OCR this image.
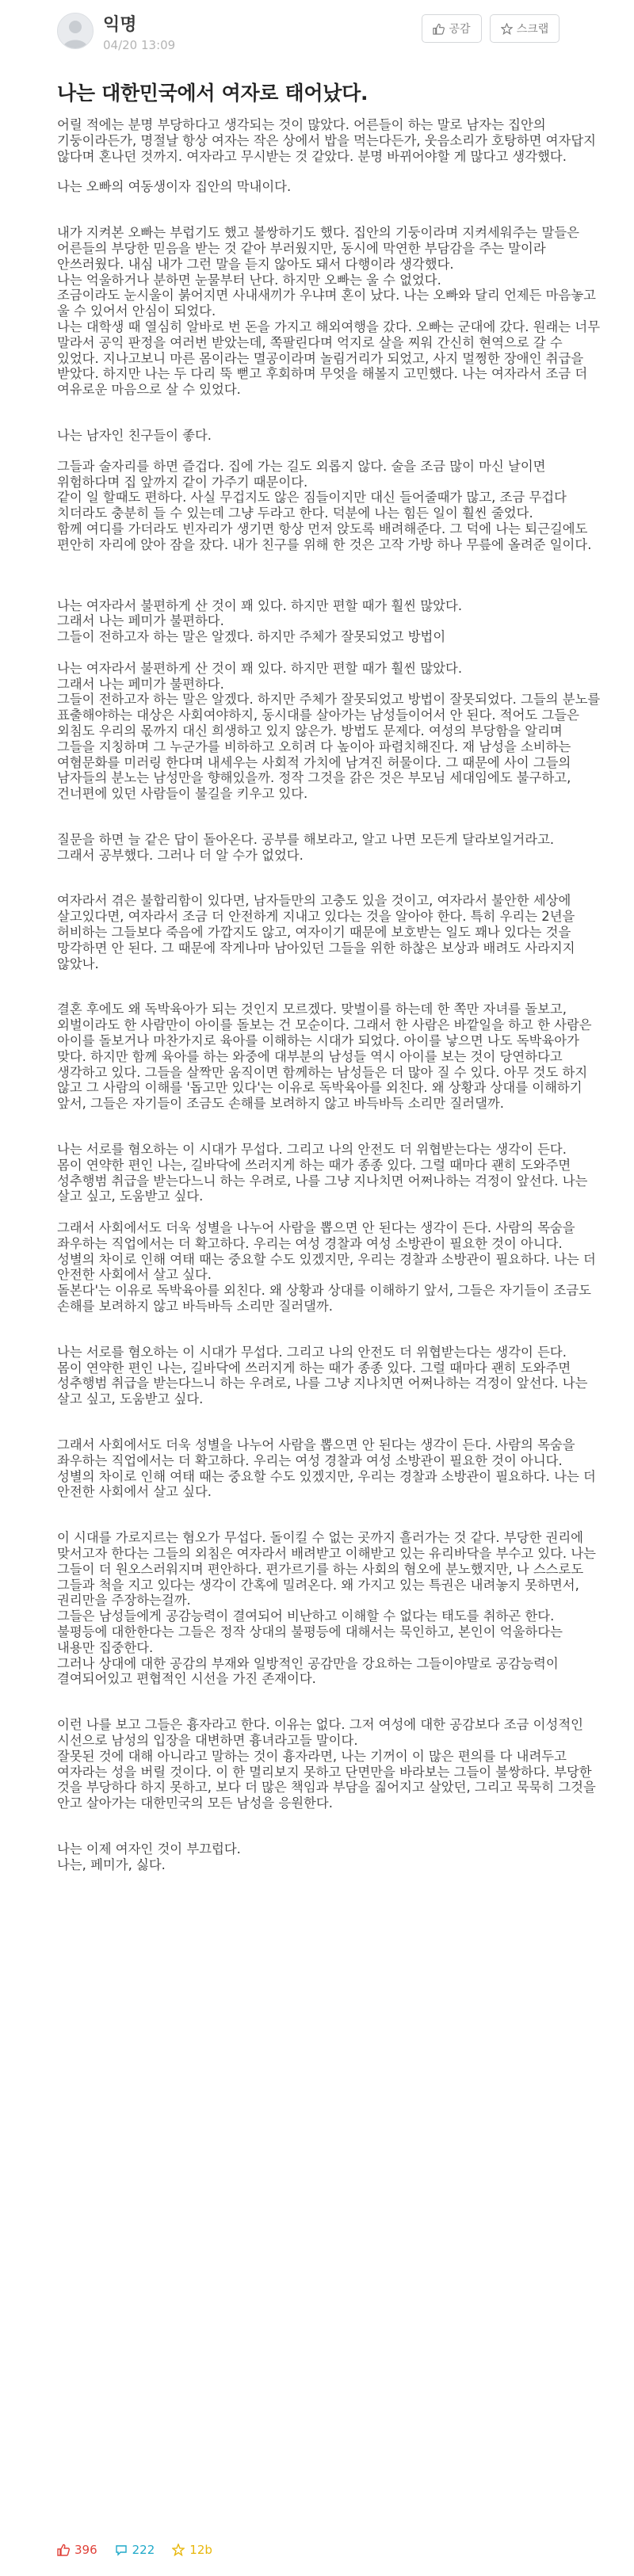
익명
04/20 13:09
공감	스크랩
나는 대한민국에서 여자로 태어났다.

어릴 적에는 분명 부당하다고 생각되는 것이 많았다. 어른들이 하는 말로 남자는 집안의 기둥이라든가, 명절날 항상 여자는 작은 상에서 밥을 먹는다든가, 웃음소리가 호탕하면 여자답지 않다며 혼나던 것까지. 여자라고 무시받는 것 같았다. 분명 바뀌어야할 게 많다고 생각했다.

나는 오빠의 여동생이자 집안의 막내이다.

내가 지켜본 오빠는 부럽기도 했고 불쌍하기도 했다. 집안의 기둥이라며 지켜세워주는 말들은 어른들의 부당한 믿음을 받는 것 같아 부러웠지만, 동시에 막연한 부담감을 주는 말이라 안쓰러웠다. 내심 내가 그런 말을 듣지 않아도 돼서 다행이라 생각했다.
나는 억울하거나 분하면 눈물부터 난다. 하지만 오빠는 울 수 없었다.
조금이라도 눈시울이 붉어지면 사내새끼가 우냐며 혼이 났다. 나는 오빠와 달리 언제든 마음놓고 울 수 있어서 안심이 되었다.
나는 대학생 때 열심히 알바로 번 돈을 가지고 해외여행을 갔다. 오빠는 군대에 갔다. 원래는 너무 말라서 공익 판정을 여러번 받았는데, 쪽팔린다며 억지로 살을 찌워 간신히 현역으로 갈 수 있었다. 지나고보니 마른 몸이라는 멸공이라며 놀림거리가 되었고, 사지 멀쩡한 장애인 취급을 받았다. 하지만 나는 두 다리 뚝 뻗고 후회하며 무엇을 해볼지 고민했다. 나는 여자라서 조금 더 여유로운 마음으로 살 수 있었다.

나는 남자인 친구들이 좋다.

그들과 술자리를 하면 즐겁다. 집에 가는 길도 외롭지 않다. 술을 조금 많이 마신 날이면 위험하다며 집 앞까지 같이 가주기 때문이다.
같이 일 할때도 편하다. 사실 무겁지도 않은 짐들이지만 대신 들어줄때가 많고, 조금 무겁다 치더라도 충분히 들 수 있는데 그냥 두라고 한다. 덕분에 나는 힘든 일이 훨씬 줄었다.
함께 여디를 가더라도 빈자리가 생기면 항상 먼저 앉도록 배려해준다. 그 덕에 나는 퇴근길에도 편안히 자리에 앉아 잠을 잤다. 내가 친구를 위해 한 것은 고작 가방 하나 무릎에 올려준 일이다.

나는 여자라서 불편하게 산 것이 꽤 있다. 하지만 편할 때가 훨씬 많았다.
그래서 나는 페미가 불편하다.
그들이 전하고자 하는 말은 알겠다. 하지만 주체가 잘못되었고 방법이

나는 여자라서 불편하게 산 것이 꽤 있다. 하지만 편할 때가 훨씬 많았다.
그래서 나는 페미가 불편하다.
그들이 전하고자 하는 말은 알겠다. 하지만 주체가 잘못되었고 방법이 잘못되었다. 그들의 분노를 표출해야하는 대상은 사회여야하지, 동시대를 살아가는 남성들이어서 안 된다. 적어도 그들은 외침도 우리의 몫까지 대신 희생하고 있지 않은가. 방법도 문제다. 여성의 부당함을 알리며 그들을 지칭하며 그 누군가를 비하하고 오히려 다 높이아 파렴치해진다. 재 남성을 소비하는 여혐문화를 미러링 한다며 내세우는 사회적 가치에 남겨진 허물이다. 그 때문에 사이 그들의 남자들의 분노는 남성만을 향해있을까. 정작 그것을 갉은 것은 부모님 세대임에도 불구하고, 건너편에 있던 사람들이 불길을 키우고 있다.

질문을 하면 늘 같은 답이 돌아온다. 공부를 해보라고, 알고 나면 모든게 달라보일거라고.
그래서 공부했다. 그러나 더 알 수가 없었다.

여자라서 겪은 불합리함이 있다면, 남자들만의 고충도 있을 것이고, 여자라서 불안한 세상에 살고있다면, 여자라서 조금 더 안전하게 지내고 있다는 것을 알아야 한다. 특히 우리는 2년을 허비하는 그들보다 죽음에 가깝지도 않고, 여자이기 때문에 보호받는 일도 꽤나 있다는 것을 망각하면 안 된다. 그 때문에 작게나마 남아있던 그들을 위한 하찮은 보상과 배려도 사라지지 않았나.

결혼 후에도 왜 독박육아가 되는 것인지 모르겠다. 맞벌이를 하는데 한 쪽만 자녀를 돌보고, 외벌이라도 한 사람만이 아이를 돌보는 건 모순이다. 그래서 한 사람은 바깥일을 하고 한 사람은 아이를 돌보거나 마찬가지로 육아를 이해하는 시대가 되었다. 아이를 낳으면 나도 독박육아가 맞다. 하지만 함께 육아를 하는 와중에 대부분의 남성들 역시 아이를 보는 것이 당연하다고 생각하고 있다. 그들을 살짝만 움직이면 함께하는 남성들은 더 많아 질 수 있다. 아무 것도 하지 않고 그 사람의 이해를 '돕고만 있다'는 이유로 독박육아를 외친다. 왜 상황과 상대를 이해하기 앞서, 그들은 자기들이 조금도 손해를 보려하지 않고 바득바득 소리만 질러댈까.

나는 서로를 혐오하는 이 시대가 무섭다. 그리고 나의 안전도 더 위협받는다는 생각이 든다.
몸이 연약한 편인 나는, 길바닥에 쓰러지게 하는 때가 종종 있다. 그럴 때마다 괜히 도와주면 성추행범 취급을 받는다느니 하는 우려로, 나를 그냥 지나치면 어쩌나하는 걱정이 앞선다. 나는 살고 싶고, 도움받고 싶다.

그래서 사회에서도 더욱 성별을 나누어 사람을 뽑으면 안 된다는 생각이 든다. 사람의 목숨을 좌우하는 직업에서는 더 확고하다. 우리는 여성 경찰과 여성 소방관이 필요한 것이 아니다. 성별의 차이로 인해 여태 때는 중요할 수도 있겠지만, 우리는 경찰과 소방관이 필요하다. 나는 더 안전한 사회에서 살고 싶다.
돌본다'는 이유로 독박육아를 외친다. 왜 상황과 상대를 이해하기 앞서, 그들은 자기들이 조금도 손해를 보려하지 않고 바득바득 소리만 질러댈까.

나는 서로를 혐오하는 이 시대가 무섭다. 그리고 나의 안전도 더 위협받는다는 생각이 든다.
몸이 연약한 편인 나는, 길바닥에 쓰러지게 하는 때가 종종 있다. 그럴 때마다 괜히 도와주면 성추행범 취급을 받는다느니 하는 우려로, 나를 그냥 지나치면 어쩌나하는 걱정이 앞선다. 나는 살고 싶고, 도움받고 싶다.

그래서 사회에서도 더욱 성별을 나누어 사람을 뽑으면 안 된다는 생각이 든다. 사람의 목숨을 좌우하는 직업에서는 더 확고하다. 우리는 여성 경찰과 여성 소방관이 필요한 것이 아니다. 성별의 차이로 인해 여태 때는 중요할 수도 있겠지만, 우리는 경찰과 소방관이 필요하다. 나는 더 안전한 사회에서 살고 싶다.

이 시대를 가로지르는 혐오가 무섭다. 돌이킬 수 없는 곳까지 흘러가는 것 같다. 부당한 권리에 맞서고자 한다는 그들의 외침은 여자라서 배려받고 이해받고 있는 유리바닥을 부수고 있다. 나는 그들이 더 원오스러워지며 편안하다. 편가르기를 하는 사회의 혐오에 분노했지만, 나 스스로도 그들과 척을 지고 있다는 생각이 간혹에 밀려온다. 왜 가지고 있는 특권은 내려놓지 못하면서, 권리만을 주장하는걸까.
그들은 남성들에게 공감능력이 결여되어 비난하고 이해할 수 없다는 태도를 취하곤 한다. 불평등에 대한한다는 그들은 정작 상대의 불평등에 대해서는 묵인하고, 본인이 억울하다는 내용만 집중한다.
그러나 상대에 대한 공감의 부재와 일방적인 공감만을 강요하는 그들이야말로 공감능력이 결여되어있고 편협적인 시선을 가진 존재이다.

이런 나를 보고 그들은 흉자라고 한다. 이유는 없다. 그저 여성에 대한 공감보다 조금 이성적인 시선으로 남성의 입장을 대변하면 흉녀라고들 말이다.
잘못된 것에 대해 아니라고 말하는 것이 흉자라면, 나는 기꺼이 이 많은 편의를 다 내려두고 여자라는 성을 버릴 것이다. 이 한 멸리보지 못하고 단면만을 바라보는 그들이 불쌍하다. 부당한 것을 부당하다 하지 못하고, 보다 더 많은 책임과 부담을 짊어지고 살았던, 그리고 묵묵히 그것을 안고 살아가는 대한민국의 모든 남성을 응원한다.

나는 이제 여자인 것이 부끄럽다.
나는, 페미가, 싫다.

396	222	12b
